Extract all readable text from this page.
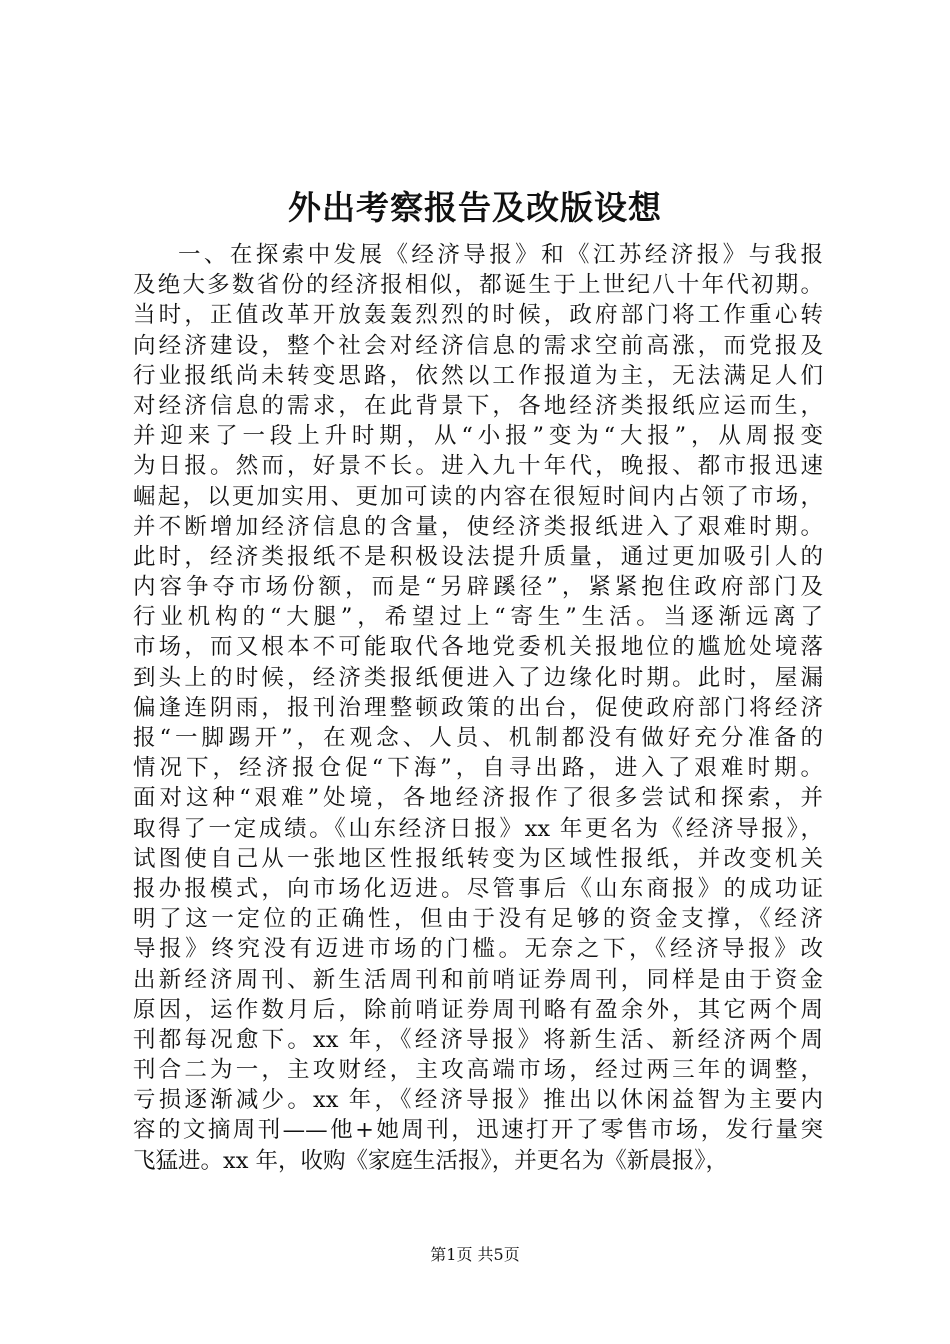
外出考察报告及改版设想
一、在探索中发展《经济导报》和《江苏经济报》与我报
及绝大多数省份的经济报相似，都诞生于上世纪八十年代初期。
当时，正值改革开放轰轰烈烈的时候，政府部门将工作重心转
向经济建设，整个社会对经济信息的需求空前高涨，而党报及
行业报纸尚未转变思路，依然以工作报道为主，无法满足人们
对经济信息的需求，在此背景下，各地经济类报纸应运而生，
并迎来了一段上升时期，从“小报”变为“大报”，从周报变
为日报。然而，好景不长。进入九十年代，晚报、都市报迅速
崛起，以更加实用、更加可读的内容在很短时间内占领了市场，
并不断增加经济信息的含量，使经济类报纸进入了艰难时期。
此时，经济类报纸不是积极设法提升质量，通过更加吸引人的
内容争夺市场份额，而是“另辟蹊径”，紧紧抱住政府部门及
行业机构的“大腿”，希望过上“寄生”生活。当逐渐远离了
市场，而又根本不可能取代各地党委机关报地位的尴尬处境落
到头上的时候，经济类报纸便进入了边缘化时期。此时，屋漏
偏逢连阴雨，报刊治理整顿政策的出台，促使政府部门将经济
报“一脚踢开”，在观念、人员、机制都没有做好充分准备的
情况下，经济报仓促“下海”，自寻出路，进入了艰难时期。
面对这种“艰难”处境，各地经济报作了很多尝试和探索，并
取得了一定成绩。《山东经济日报》xx 年更名为《经济导报》，
试图使自己从一张地区性报纸转变为区域性报纸，并改变机关
报办报模式，向市场化迈进。尽管事后《山东商报》的成功证
明了这一定位的正确性，但由于没有足够的资金支撑，《经济
导报》终究没有迈进市场的门槛。无奈之下，《经济导报》改
出新经济周刊、新生活周刊和前哨证券周刊，同样是由于资金
原因，运作数月后，除前哨证券周刊略有盈余外，其它两个周
刊都每况愈下。xx 年，《经济导报》将新生活、新经济两个周
刊合二为一，主攻财经，主攻高端市场，经过两三年的调整，
亏损逐渐减少。xx 年，《经济导报》推出以休闲益智为主要内
容的文摘周刊——他+她周刊，迅速打开了零售市场，发行量突
飞猛进。xx 年，收购《家庭生活报》，并更名为《新晨报》，
第1页 共5页
